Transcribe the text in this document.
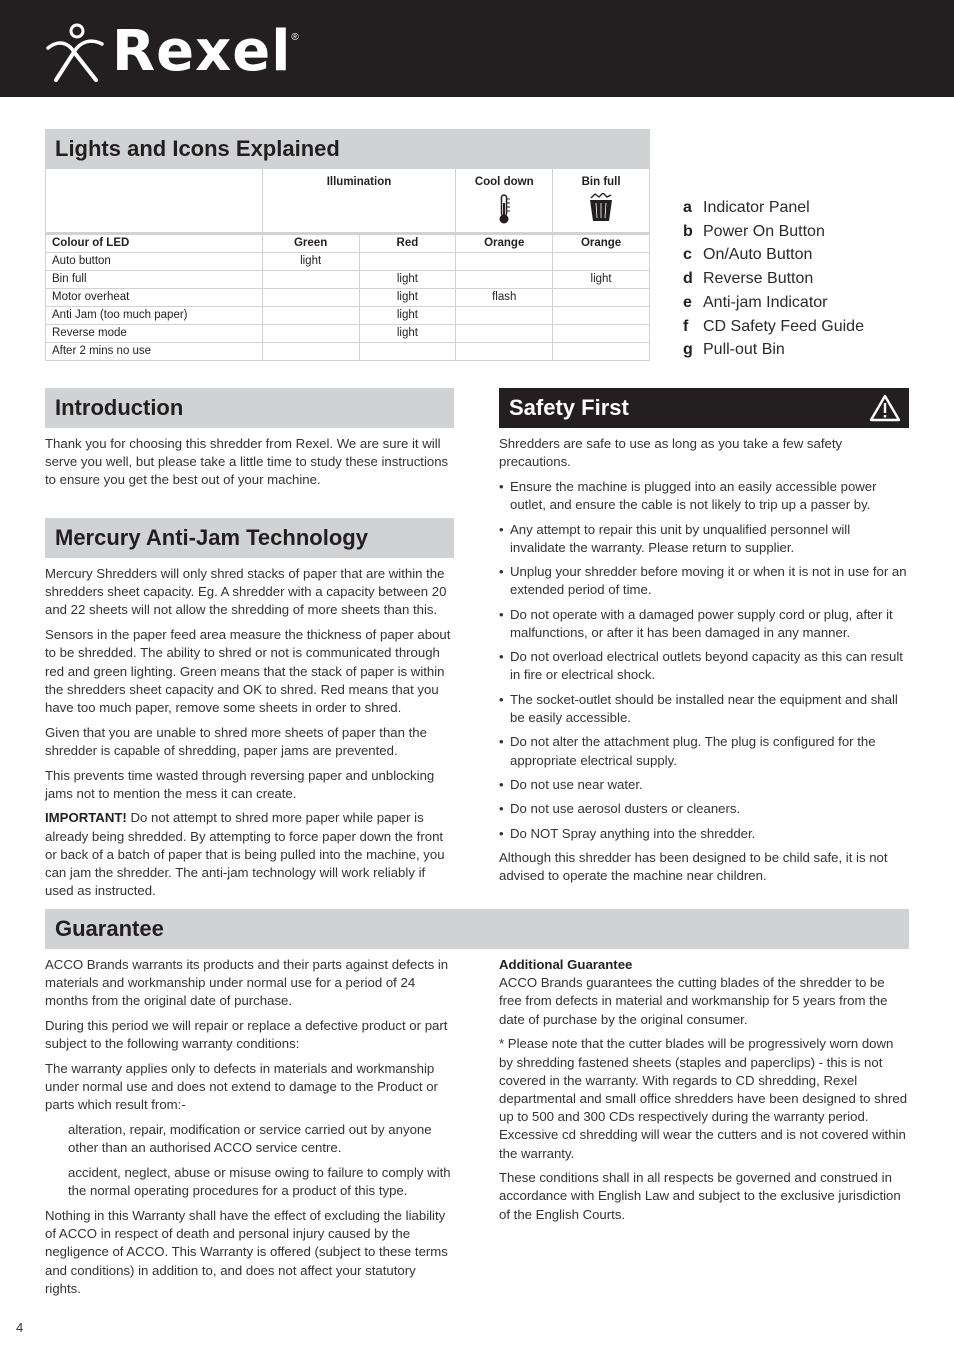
Rexel ®
Lights and Icons Explained
	Illumination		Cool down	Bin full

Colour of LED	Green	Red	Orange	Orange
Auto button	light			
Bin full		light		light
Motor overheat		light	flash	
Anti Jam (too much paper)		light		
Reverse mode		light		
After 2 mins no use				
a Indicator Panel
b Power On Button
c On/Auto Button
d Reverse Button
e Anti-jam Indicator
f CD Safety Feed Guide
g Pull-out Bin
Introduction

Thank you for choosing this shredder from Rexel. We are sure it will serve you well, but please take a little time to study these instructions to ensure you get the best out of your machine.

Mercury Anti-Jam Technology

Mercury Shredders will only shred stacks of paper that are within the shredders sheet capacity. Eg. A shredder with a capacity between 20 and 22 sheets will not allow the shredding of more sheets than this.

Sensors in the paper feed area measure the thickness of paper about to be shredded. The ability to shred or not is communicated through red and green lighting. Green means that the stack of paper is within the shredders sheet capacity and OK to shred. Red means that you have too much paper, remove some sheets in order to shred.

Given that you are unable to shred more sheets of paper than the shredder is capable of shredding, paper jams are prevented.

This prevents time wasted through reversing paper and unblocking jams not to mention the mess it can create.

IMPORTANT! Do not attempt to shred more paper while paper is already being shredded. By attempting to force paper down the front or back of a batch of paper that is being pulled into the machine, you can jam the shredder. The anti-jam technology will work reliably if used as instructed.

Safety First

Shredders are safe to use as long as you take a few safety precautions.

• Ensure the machine is plugged into an easily accessible power outlet, and ensure the cable is not likely to trip up a passer by.
• Any attempt to repair this unit by unqualified personnel will invalidate the warranty. Please return to supplier.
• Unplug your shredder before moving it or when it is not in use for an extended period of time.
• Do not operate with a damaged power supply cord or plug, after it malfunctions, or after it has been damaged in any manner.
• Do not overload electrical outlets beyond capacity as this can result in fire or electrical shock.
• The socket-outlet should be installed near the equipment and shall be easily accessible.
• Do not alter the attachment plug. The plug is configured for the appropriate electrical supply.
• Do not use near water.
• Do not use aerosol dusters or cleaners.
• Do NOT Spray anything into the shredder.

Although this shredder has been designed to be child safe, it is not advised to operate the machine near children.

Guarantee

ACCO Brands warrants its products and their parts against defects in materials and workmanship under normal use for a period of 24 months from the original date of purchase.

During this period we will repair or replace a defective product or part subject to the following warranty conditions:

The warranty applies only to defects in materials and workmanship under normal use and does not extend to damage to the Product or parts which result from:-

alteration, repair, modification or service carried out by anyone other than an authorised ACCO service centre.

accident, neglect, abuse or misuse owing to failure to comply with the normal operating procedures for a product of this type.

Nothing in this Warranty shall have the effect of excluding the liability of ACCO in respect of death and personal injury caused by the negligence of ACCO. This Warranty is offered (subject to these terms and conditions) in addition to, and does not affect your statutory rights.

Additional Guarantee

ACCO Brands guarantees the cutting blades of the shredder to be free from defects in material and workmanship for 5 years from the date of purchase by the original consumer.

* Please note that the cutter blades will be progressively worn down by shredding fastened sheets (staples and paperclips) - this is not covered in the warranty. With regards to CD shredding, Rexel departmental and small office shredders have been designed to shred up to 500 and 300 CDs respectively during the warranty period. Excessive cd shredding will wear the cutters and is not covered within the warranty.

These conditions shall in all respects be governed and construed in accordance with English Law and subject to the exclusive jurisdiction of the English Courts.

4
